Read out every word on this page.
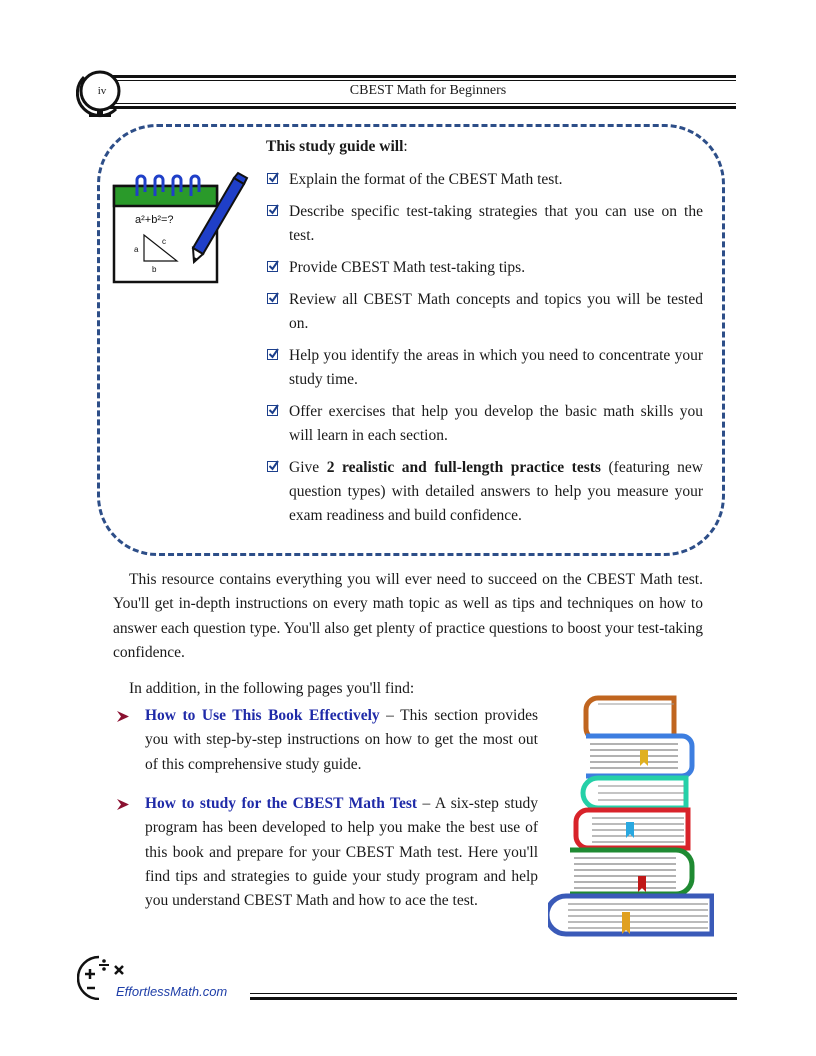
CBEST Math for Beginners
iv
a²+b²=?
a
b
c
This study guide will:
Explain the format of the CBEST Math test.
Describe specific test-taking strategies that you can use on the test.
Provide CBEST Math test-taking tips.
Review all CBEST Math concepts and topics you will be tested on.
Help you identify the areas in which you need to concentrate your study time.
Offer exercises that help you develop the basic math skills you will learn in each section.
Give 2 realistic and full-length practice tests (featuring new question types) with detailed answers to help you measure your exam readiness and build confidence.
This resource contains everything you will ever need to succeed on the CBEST Math test. You'll get in-depth instructions on every math topic as well as tips and techniques on how to answer each question type. You'll also get plenty of practice questions to boost your test-taking confidence.
In addition, in the following pages you'll find:
How to Use This Book Effectively – This section provides you with step-by-step instructions on how to get the most out of this comprehensive study guide.
How to study for the CBEST Math Test – A six-step study program has been developed to help you make the best use of this book and prepare for your CBEST Math test. Here you'll find tips and strategies to guide your study program and help you understand CBEST Math and how to ace the test.
EffortlessMath.com
